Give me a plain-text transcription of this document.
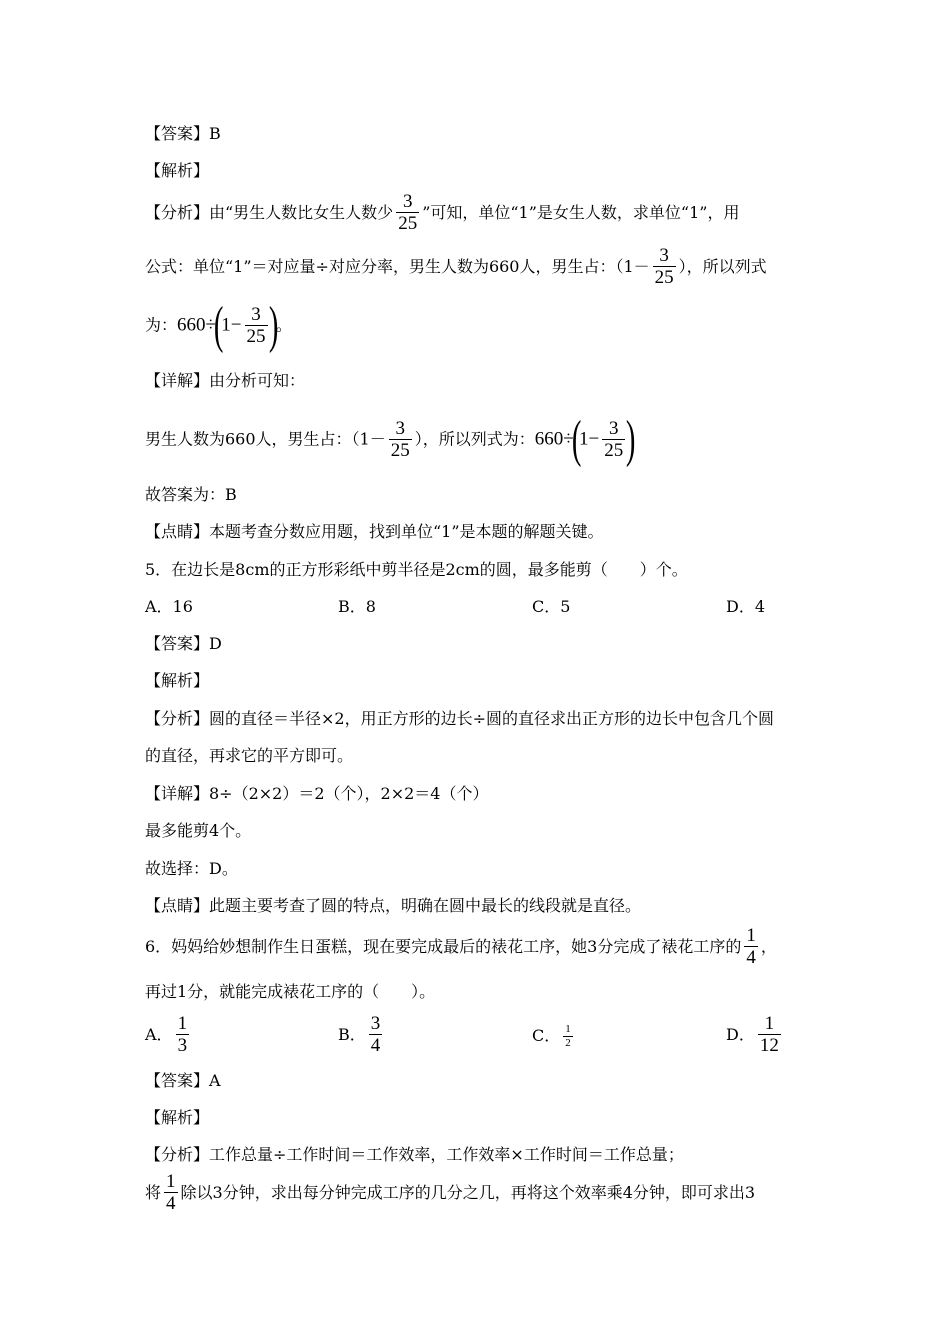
【答案】B
【解析】
【分析】由“男生人数比女生人数少 $\frac{3}{25}$ ”可知，单位“1”是女生人数，求单位“1”，用
公式：单位“1”＝对应量÷对应分率，男生人数为660人，男生占：（$1- \frac{3}{25}$ ），所以列式
为：$660\div(1- \frac{3}{25}$ )。
【详解】由分析可知：
男生人数为660人，男生占：（$1- \frac{3}{25}$ ），所以列式为：$660\div(1- \frac{3}{25}$ )
故答案为：B
【点睛】本题考查分数应用题，找到单位“1”是本题的解题关键。
5．在边长是8cm的正方形彩纸中剪半径是2cm的圆，最多能剪（　　）个。
A．16	B．8	C．5	D．4
【答案】D
【解析】
【分析】圆的直径＝半径×2，用正方形的边长÷圆的直径求出正方形的边长中包含几个圆
的直径，再求它的平方即可。
【详解】8÷（2×2）＝2（个），2×2＝4（个）
最多能剪4个。
故选择：D。
【点睛】此题主要考查了圆的特点，明确在圆中最长的线段就是直径。
6．妈妈给妙想制作生日蛋糕，现在要完成最后的裱花工序，她3分完成了裱花工序的 $\frac{1}{4}$ ，
再过1分，就能完成裱花工序的（　　）。
A． $\frac{1}{3}$	B． $\frac{3}{4}$	C． $\frac{1}{2}$	D． $\frac{1}{12}$
【答案】A
【解析】
【分析】工作总量÷工作时间＝工作效率，工作效率×工作时间＝工作总量；
将 $\frac{1}{4}$ 除以3分钟，求出每分钟完成工序的几分之几，再将这个效率乘4分钟，即可求出3
